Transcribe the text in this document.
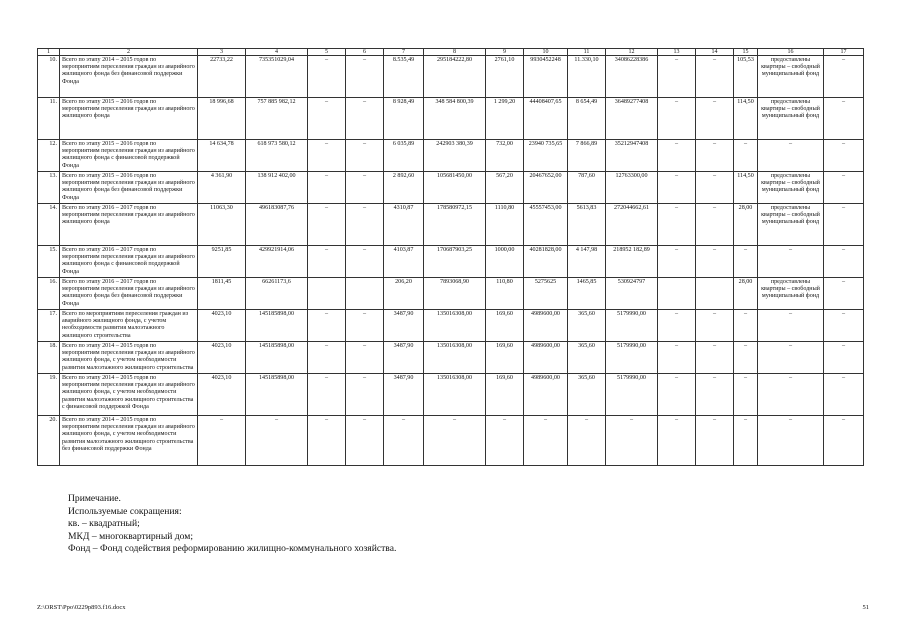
1	2	3	4	5	6	7	8	9	10	11	12	13	14	15	16	17	
10.	Всего по этапу 2014 – 2015 годов по мероприятиям переселения граждан из аварийного жилищного фонда без финансовой поддержки Фонда	22733,22	735351029,04	–	–	8.535,49	295184222,80	2761,10	9930452248	11.330,10	34086228386	–	–	105,53	предоставлены квартиры – свободный муниципальный фонд	–	
11.	Всего по этапу 2015 – 2016 годов по мероприятиям переселения граждан из аварийного жилищного фонда	18 996,68	757 885 982,12	–	–	8 928,49	348 584 800,39	1 299,20	44408407,65	8 654,49	36489277408	–	–	114,50	предоставлены квартиры – свободный муниципальный фонд	–	
12.	Всего по этапу 2015 – 2016 годов по мероприятиям переселения граждан из аварийного жилищного фонда с финансовой поддержкой Фонда	14 634,78	618 973 580,12	–	–	6 035,89	242903 380,39	732,00	23940 735,65	7 866,89	35212947408	–	–	–	–	–	
13.	Всего по этапу 2015 – 2016 годов по мероприятиям переселения граждан из аварийного жилищного фонда без финансовой поддержки Фонда	4 361,90	138 912 402,00	–	–	2 892,60	105681450,00	567,20	20467652,00	787,60	12763300,00	–	–	114,50	предоставлены квартиры – свободный муниципальный фонд	–	
14.	Всего по этапу 2016 – 2017 годов по мероприятиям переселения граждан из аварийного жилищного фонда	11063,30	496183087,76	–	–	4310,87	178580972,15	1110,80	45557453,00	5613,83	272044662,61	–	–	28,00	предоставлены квартиры – свободный муниципальный фонд	–	
15.	Всего по этапу 2016 – 2017 годов по мероприятиям переселения граждан из аварийного жилищного фонда с финансовой поддержкой Фонда	9251,85	429921914,06	–	–	4103,87	170687903,25	1000,00	40281828,00	4 147,98	218952 182,89	–	–	–	–	–	
16.	Всего по этапу 2016 – 2017 годов по мероприятиям переселения граждан из аварийного жилищного фонда без финансовой поддержки Фонда	1811,45	66261173,6			206,20	7893068,90	110,80	5275625	1465,85	530924797			28,00	предоставлены квартиры – свободный муниципальный фонд	–	
17.	Всего по мероприятиям переселения граждан из аварийного жилищного фонда, с учетом необходимости развития малоэтажного жилищного строительства	4023,10	145185898,00	–	–	3487,90	135016308,00	169,60	4989600,00	365,60	5179990,00	–	–	–	–	–	
18.	Всего по этапу 2014 – 2015 годов по мероприятиям переселения граждан из аварийного жилищного фонда, с учетом необходимости развития малоэтажного жилищного строительства	4023,10	145185898,00	–	–	3487,90	135016308,00	169,60	4989600,00	365,60	5179990,00	–	–	–	–	–	
19.	Всего по этапу 2014 – 2015 годов по мероприятиям переселения граждан из аварийного жилищного фонда, с учетом необходимости развития малоэтажного жилищного строительства с финансовой поддержкой Фонда	4023,10	145185898,00	–	–	3487,90	135016308,00	169,60	4989600,00	365,60	5179990,00	–	–	–	–	–	
20.	Всего по этапу 2014 – 2015 годов по мероприятиям переселения граждан из аварийного жилищного фонда, с учетом необходимости развития малоэтажного жилищного строительства без финансовой поддержки Фонда	–	–	–	–	–	–	–	–	–	–	–	–	–	–	–		
Примечание.
Используемые сокращения:
кв. – квадратный;
МКД – многоквартирный дом;
Фонд – Фонд содействия реформированию жилищно-коммунального хозяйства.
Z:\ORST\Ppo\0229p893.f16.docx	51
